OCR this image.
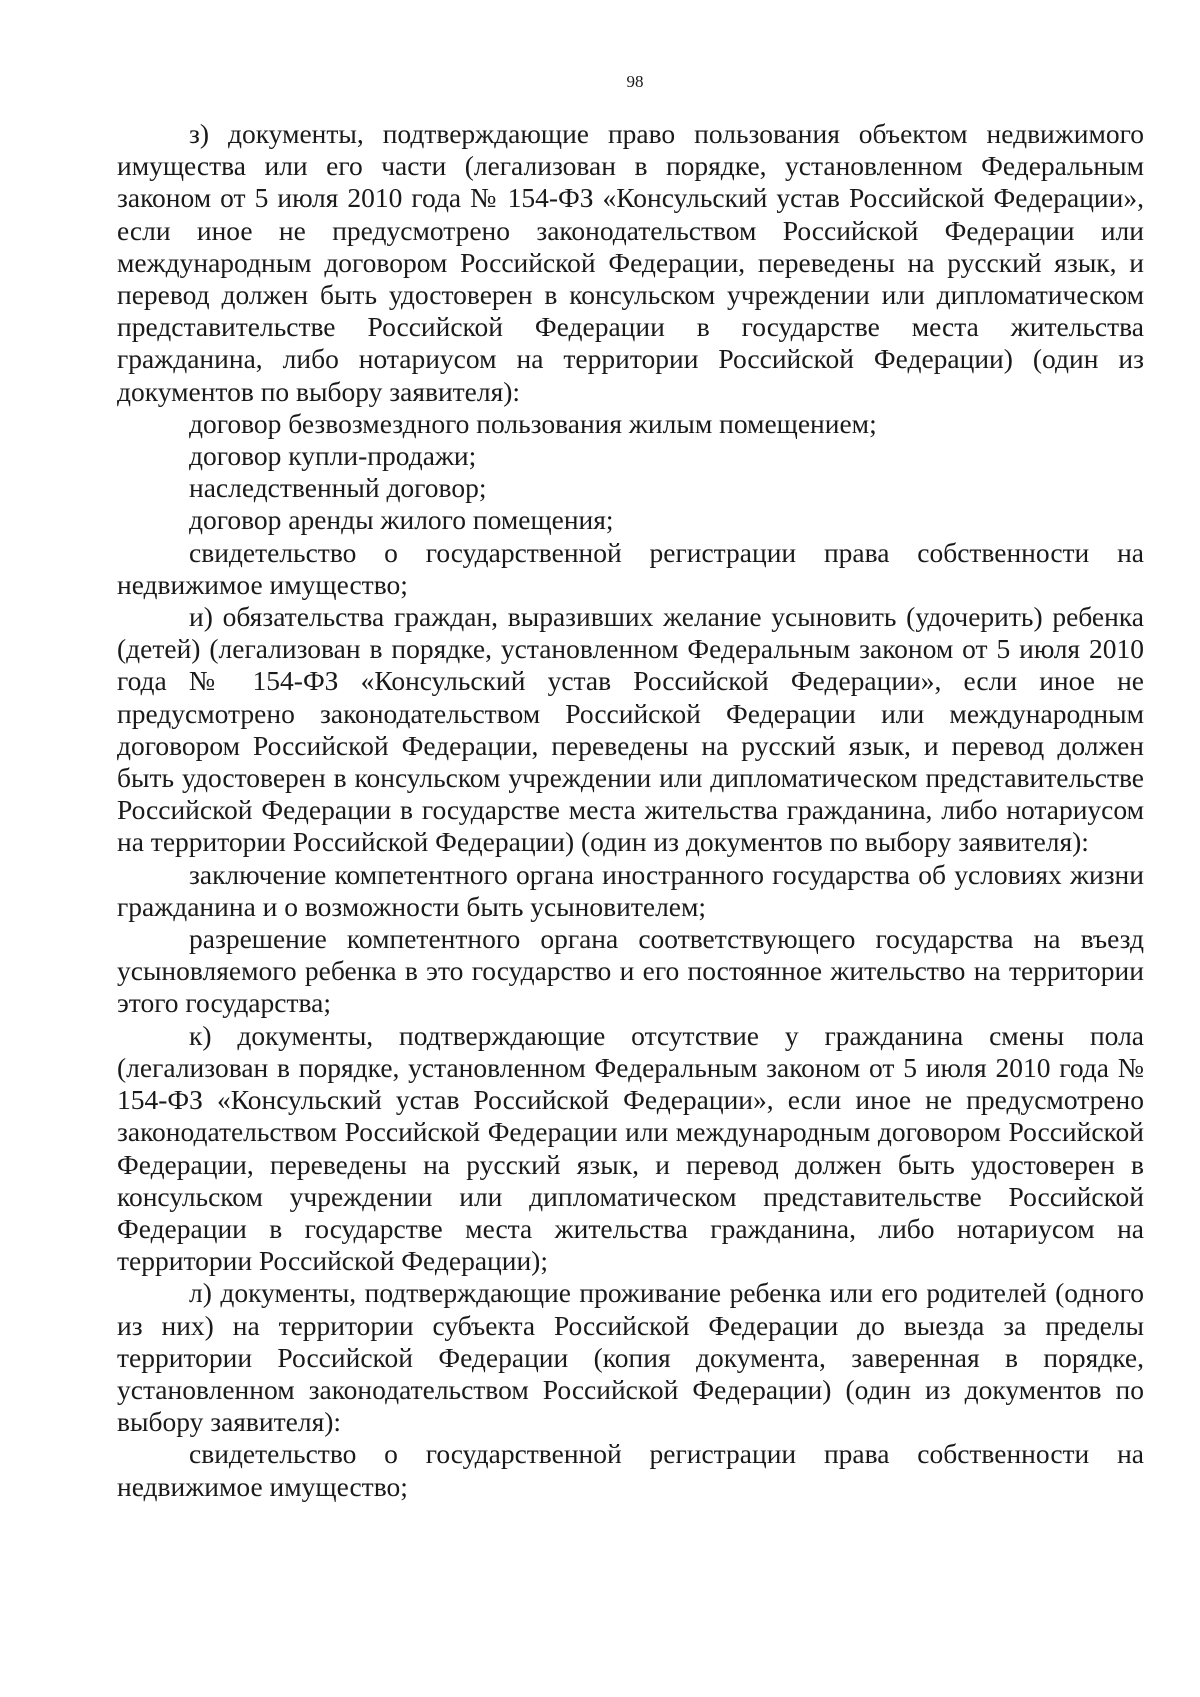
98

з) документы, подтверждающие право пользования объектом недвижимого имущества или его части (легализован в порядке, установленном Федеральным законом от 5 июля 2010 года № 154-ФЗ «Консульский устав Российской Федерации», если иное не предусмотрено законодательством Российской Федерации или международным договором Российской Федерации, переведены на русский язык, и перевод должен быть удостоверен в консульском учреждении или дипломатическом представительстве Российской Федерации в государстве места жительства гражданина, либо нотариусом на территории Российской Федерации) (один из документов по выбору заявителя):

договор безвозмездного пользования жилым помещением;

договор купли-продажи;

наследственный договор;

договор аренды жилого помещения;

свидетельство о государственной регистрации права собственности на недвижимое имущество;

и) обязательства граждан, выразивших желание усыновить (удочерить) ребенка (детей) (легализован в порядке, установленном Федеральным законом от 5 июля 2010 года № 154-ФЗ «Консульский устав Российской Федерации», если иное не предусмотрено законодательством Российской Федерации или международным договором Российской Федерации, переведены на русский язык, и перевод должен быть удостоверен в консульском учреждении или дипломатическом представительстве Российской Федерации в государстве места жительства гражданина, либо нотариусом на территории Российской Федерации) (один из документов по выбору заявителя):

заключение компетентного органа иностранного государства об условиях жизни гражданина и о возможности быть усыновителем;

разрешение компетентного органа соответствующего государства на въезд усыновляемого ребенка в это государство и его постоянное жительство на территории этого государства;

к) документы, подтверждающие отсутствие у гражданина смены пола (легализован в порядке, установленном Федеральным законом от 5 июля 2010 года № 154-ФЗ «Консульский устав Российской Федерации», если иное не предусмотрено законодательством Российской Федерации или международным договором Российской Федерации, переведены на русский язык, и перевод должен быть удостоверен в консульском учреждении или дипломатическом представительстве Российской Федерации в государстве места жительства гражданина, либо нотариусом на территории Российской Федерации);

л) документы, подтверждающие проживание ребенка или его родителей (одного из них) на территории субъекта Российской Федерации до выезда за пределы территории Российской Федерации (копия документа, заверенная в порядке, установленном законодательством Российской Федерации) (один из документов по выбору заявителя):

свидетельство о государственной регистрации права собственности на недвижимое имущество;
